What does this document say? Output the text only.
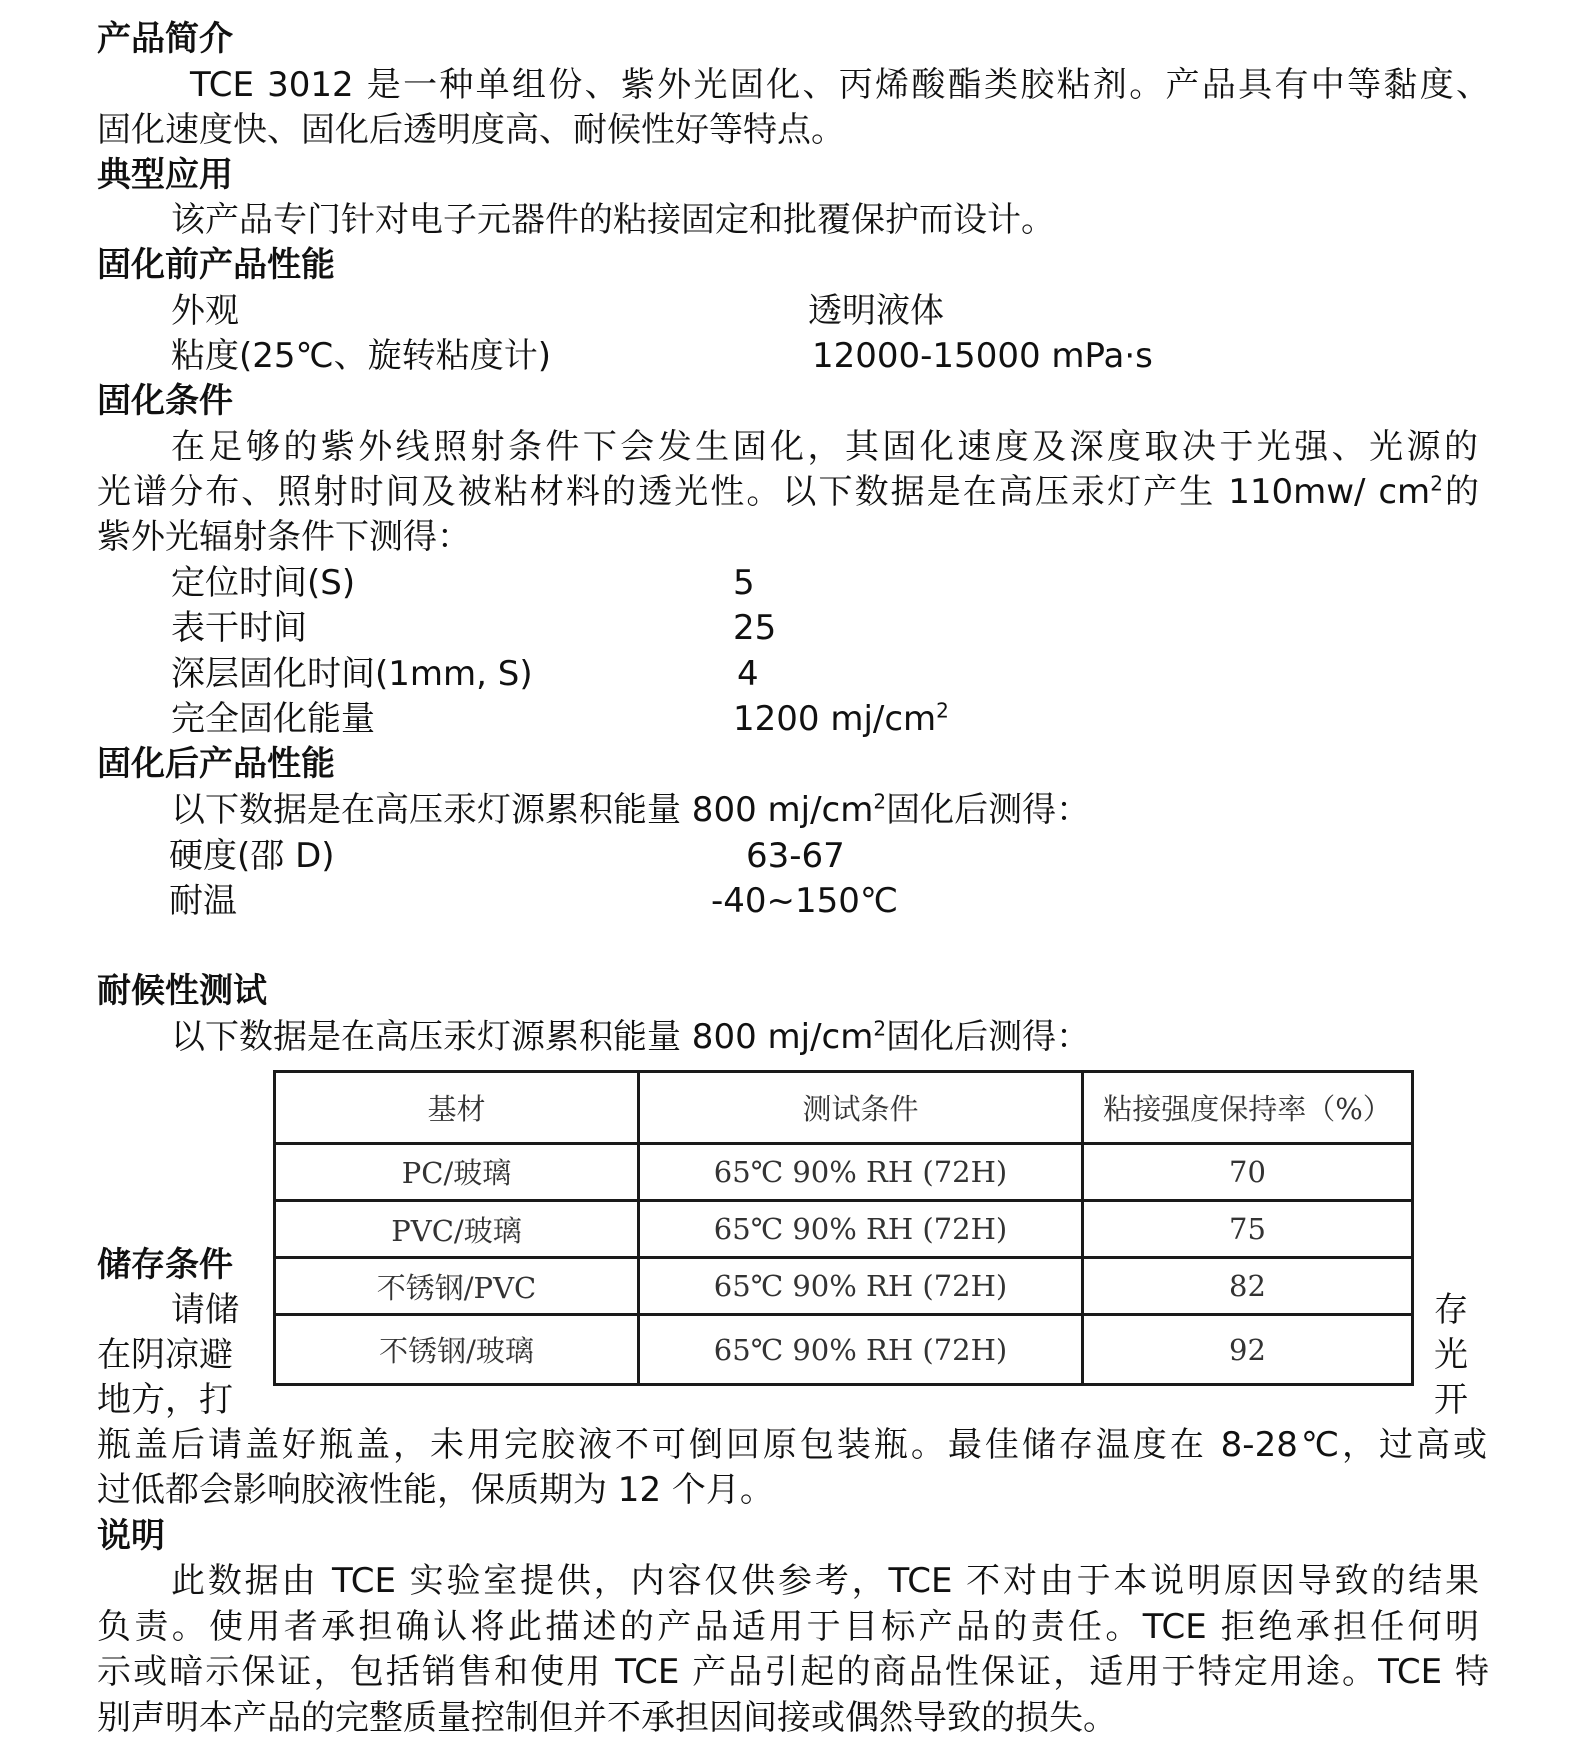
产品简介
TCE 3012 是一种单组份、紫外光固化、丙烯酸酯类胶粘剂。产品具有中等黏度、
固化速度快、固化后透明度高、耐候性好等特点。
典型应用
该产品专门针对电子元器件的粘接固定和批覆保护而设计。
固化前产品性能
外观	透明液体
粘度(25℃、旋转粘度计)	12000-15000 mPa·s
固化条件
在足够的紫外线照射条件下会发生固化，其固化速度及深度取决于光强、光源的
光谱分布、照射时间及被粘材料的透光性。以下数据是在高压汞灯产生 110mw/ $cm^2$的
紫外光辐射条件下测得：
定位时间(S)	5
表干时间	25
深层固化时间(1mm, S)	4
完全固化能量	1200 $mj/cm^2$
固化后产品性能
以下数据是在高压汞灯源累积能量 800 $mj/cm^2$固化后测得：
硬度(邵 D)	63-67
耐温	-40~150℃
耐候性测试
以下数据是在高压汞灯源累积能量 800 $mj/cm^2$固化后测得：
基材	测试条件	粘接强度保持率（%）
PC/玻璃	65℃ 90% RH (72H)	70
PVC/玻璃	65℃ 90% RH (72H)	75
不锈钢/PVC	65℃ 90% RH (72H)	82
不锈钢/玻璃	65℃ 90% RH (72H)	92
储存条件
请储
在阴凉避
地方，打
存
光
开
瓶盖后请盖好瓶盖，未用完胶液不可倒回原包装瓶。最佳储存温度在 8-28℃，过高或
过低都会影响胶液性能，保质期为 12 个月。
说明
此数据由 TCE 实验室提供，内容仅供参考，TCE 不对由于本说明原因导致的结果
负责。使用者承担确认将此描述的产品适用于目标产品的责任。TCE 拒绝承担任何明
示或暗示保证，包括销售和使用 TCE 产品引起的商品性保证，适用于特定用途。TCE 特
别声明本产品的完整质量控制但并不承担因间接或偶然导致的损失。
